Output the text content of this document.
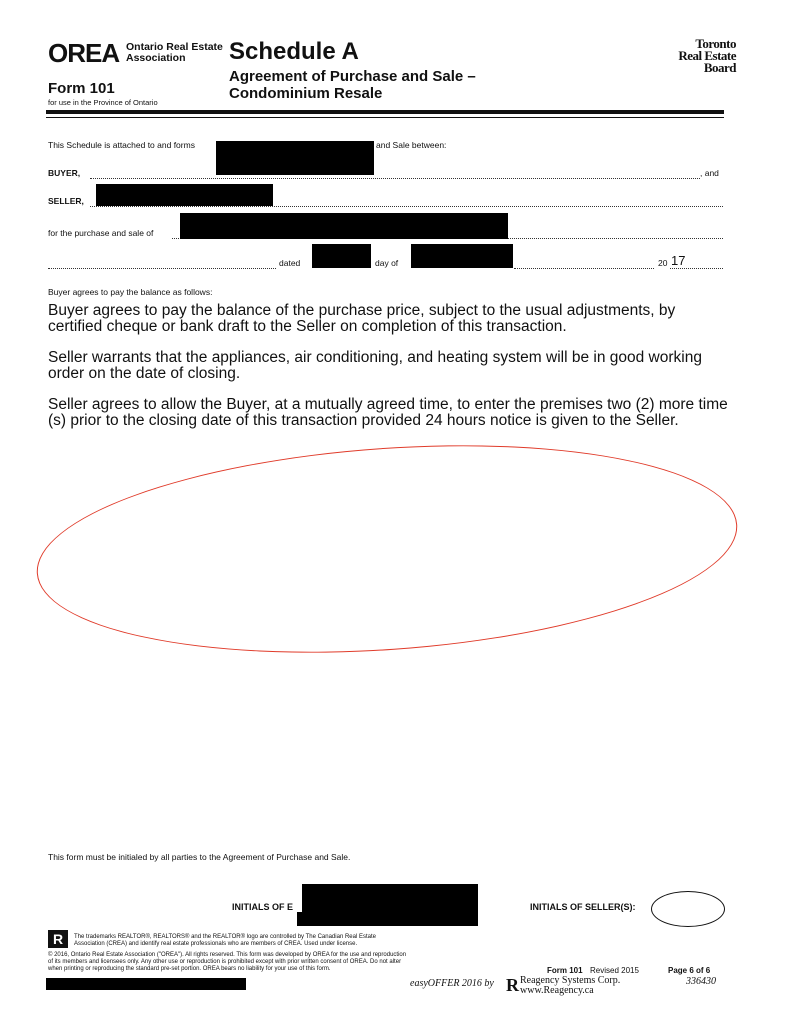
OREA Ontario Real Estate
Association
Form 101
for use in the Province of Ontario
Schedule A
Agreement of Purchase and Sale –
Condominium Resale
Toronto
Real Estate
Board
This Schedule is attached to and forms	and Sale between:
BUYER,	, and
SELLER,
for the purchase and sale of
dated	day of	20 17
Buyer agrees to pay the balance as follows:
Buyer agrees to pay the balance of the purchase price, subject to the usual adjustments, by certified cheque or bank draft to the Seller on completion of this transaction.
Seller warrants that the appliances, air conditioning, and heating system will be in good working order on the date of closing.
Seller agrees to allow the Buyer, at a mutually agreed time, to enter the premises two (2) more time (s) prior to the closing date of this transaction provided 24 hours notice is given to the Seller.
This form must be initialed by all parties to the Agreement of Purchase and Sale.
INITIALS OF E	INITIALS OF SELLER(S):
R	The trademarks REALTOR®, REALTORS® and the REALTOR® logo are controlled by The Canadian Real Estate
Association (CREA) and identify real estate professionals who are members of CREA. Used under license.
© 2016, Ontario Real Estate Association ("OREA"). All rights reserved. This form was developed by OREA for the use and reproduction
of its members and licensees only. Any other use or reproduction is prohibited except with prior written consent of OREA. Do not alter
when printing or reproducing the standard pre-set portion. OREA bears no liability for your use of this form.	Form 101 Revised 2015	Page 6 of 6
easyOFFER 2016 by R Reagency Systems Corp.
www.Reagency.ca
336430
